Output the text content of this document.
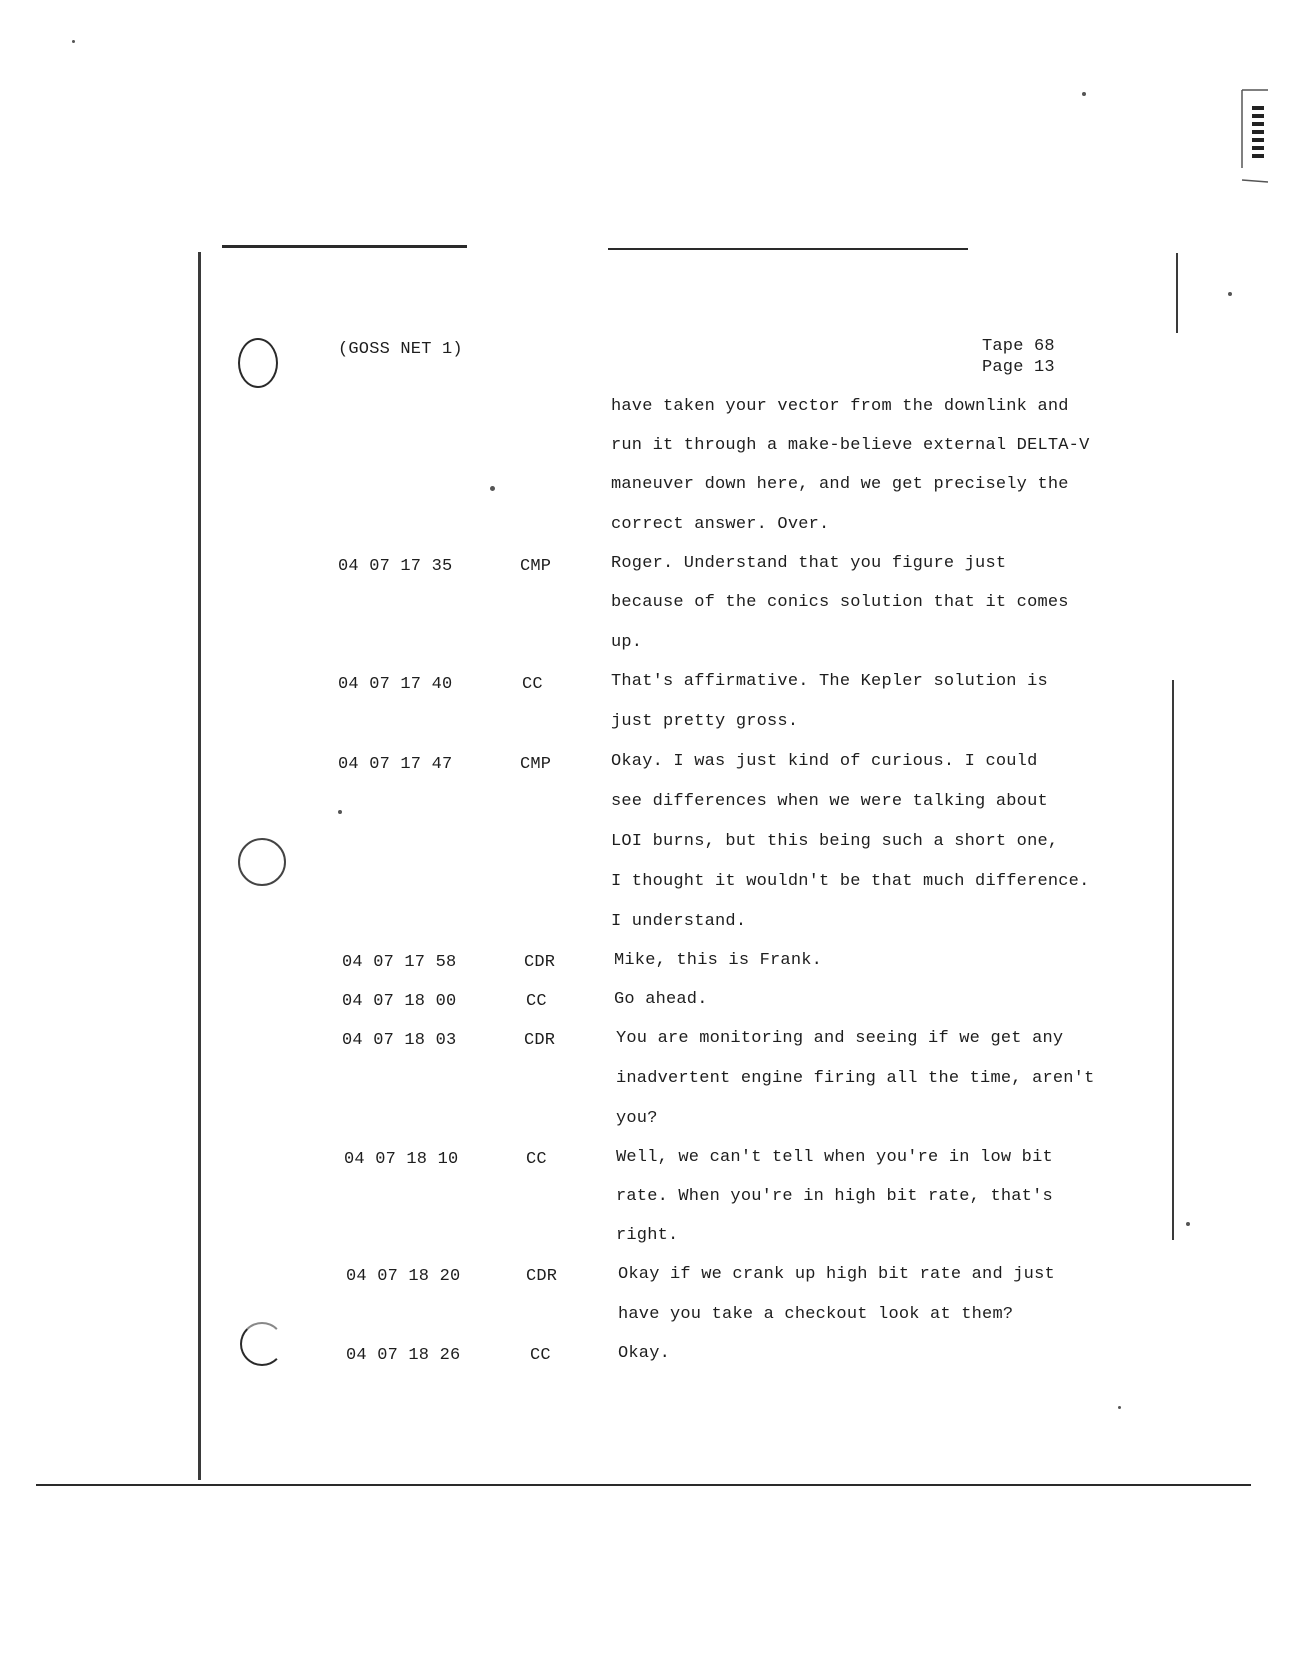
(GOSS NET 1)	Tape 68
Page 13
have taken your vector from the downlink and
run it through a make-believe external DELTA-V
maneuver down here, and we get precisely the
correct answer. Over.
04 07 17 35	CMP	Roger. Understand that you figure just
because of the conics solution that it comes
up.
04 07 17 40	CC	That's affirmative. The Kepler solution is
just pretty gross.
04 07 17 47	CMP	Okay. I was just kind of curious. I could
see differences when we were talking about
LOI burns, but this being such a short one,
I thought it wouldn't be that much difference.
I understand.
04 07 17 58	CDR	Mike, this is Frank.
04 07 18 00	CC	Go ahead.
04 07 18 03	CDR	You are monitoring and seeing if we get any
inadvertent engine firing all the time, aren't
you?
04 07 18 10	CC	Well, we can't tell when you're in low bit
rate. When you're in high bit rate, that's
right.
04 07 18 20	CDR	Okay if we crank up high bit rate and just
have you take a checkout look at them?
04 07 18 26	CC	Okay.
